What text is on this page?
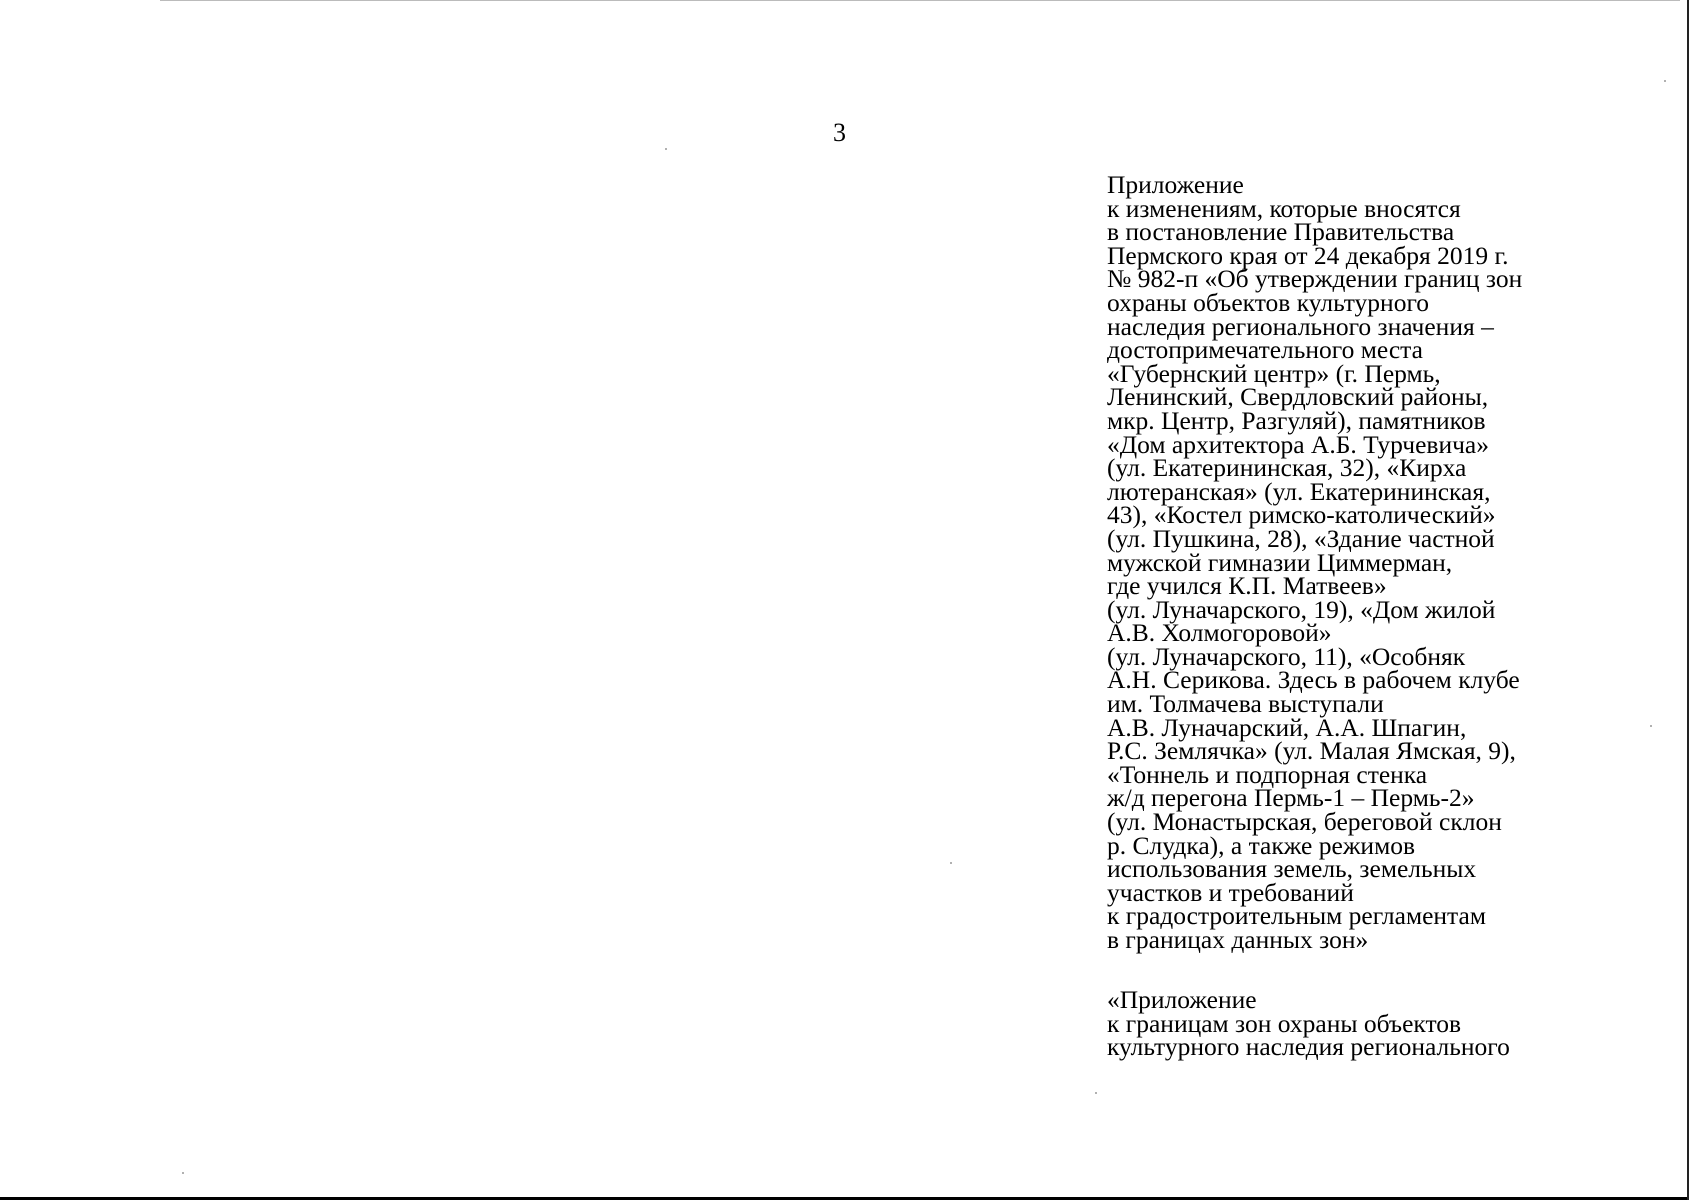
3
Приложение
к изменениям, которые вносятся
в постановление Правительства
Пермского края от 24 декабря 2019 г.
№ 982-п «Об утверждении границ зон
охраны объектов культурного
наследия регионального значения –
достопримечательного места
«Губернский центр» (г. Пермь,
Ленинский, Свердловский районы,
мкр. Центр, Разгуляй), памятников
«Дом архитектора А.Б. Турчевича»
(ул. Екатерининская, 32), «Кирха
лютеранская» (ул. Екатерининская,
43), «Костел римско-католический»
(ул. Пушкина, 28), «Здание частной
мужской гимназии Циммерман,
где учился К.П. Матвеев»
(ул. Луначарского, 19), «Дом жилой
А.В. Холмогоровой»
(ул. Луначарского, 11), «Особняк
А.Н. Серикова. Здесь в рабочем клубе
им. Толмачева выступали
А.В. Луначарский, А.А. Шпагин,
Р.С. Землячка» (ул. Малая Ямская, 9),
«Тоннель и подпорная стенка
ж/д перегона Пермь-1 – Пермь-2»
(ул. Монастырская, береговой склон
р. Слудка), а также режимов
использования земель, земельных
участков и требований
к градостроительным регламентам
в границах данных зон»
«Приложение
к границам зон охраны объектов
культурного наследия регионального
